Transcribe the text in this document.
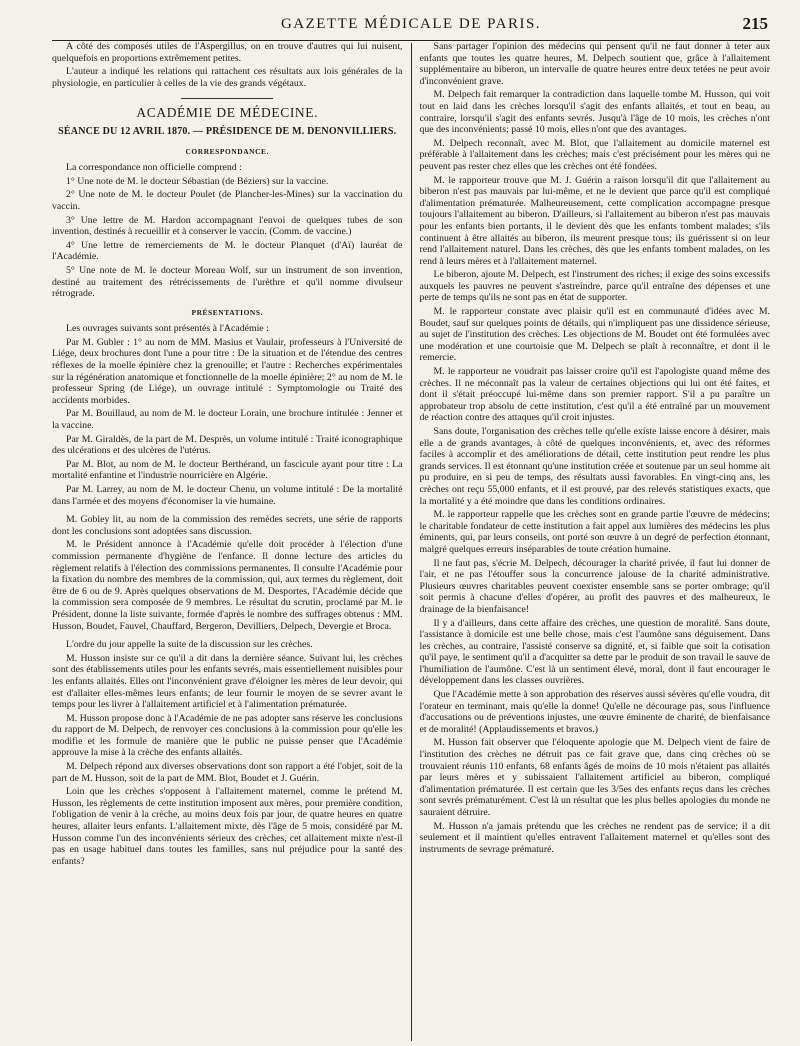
GAZETTE MÉDICALE DE PARIS.	215

A côté des composés utiles de l'Aspergillus, on en trouve d'autres qui lui nuisent, quelquefois en proportions extrêmement petites.

L'auteur a indiqué les relations qui rattachent ces résultats aux lois générales de la physiologie, en particulier à celles de la vie des grands végétaux.

ACADÉMIE DE MÉDECINE.
SÉANCE DU 12 AVRIL 1870. — PRÉSIDENCE DE M. DENONVILLIERS.
CORRESPONDANCE.

La correspondance non officielle comprend :

1° Une note de M. le docteur Sébastian (de Béziers) sur la vaccine.

2° Une note de M. le docteur Poulet (de Plancher-les-Mines) sur la vaccination du vaccin.

3° Une lettre de M. Hardon accompagnant l'envoi de quelques tubes de son invention, destinés à recueillir et à conserver le vaccin. (Comm. de vaccine.)

4° Une lettre de remerciements de M. le docteur Planquet (d'Aï) lauréat de l'Académie.

5° Une note de M. le docteur Moreau Wolf, sur un instrument de son invention, destiné au traitement des rétrécissements de l'urèthre et qu'il nomme divulseur rétrograde.

PRÉSENTATIONS.

Les ouvrages suivants sont présentés à l'Académie :

Par M. Gubler : 1° au nom de MM. Masius et Vaulair, professeurs à l'Université de Liége, deux brochures dont l'une a pour titre : De la situation et de l'étendue des centres réflexes de la moelle épinière chez la grenouille; et l'autre : Recherches expérimentales sur la régénération anatomique et fonctionnelle de la moelle épinière; 2° au nom de M. le professeur Spring (de Liége), un ouvrage intitulé : Symptomologie ou Traité des accidents morbides.

Par M. Bouillaud, au nom de M. le docteur Lorain, une brochure intitulée : Jenner et la vaccine.

Par M. Giraldès, de la part de M. Desprès, un volume intitulé : Traité iconographique des ulcérations et des ulcères de l'utérus.

Par M. Blot, au nom de M. le docteur Berthérand, un fascicule ayant pour titre : La mortalité enfantine et l'industrie nourricière en Algérie.

Par M. Larrey, au nom de M. le docteur Chenu, un volume intitulé : De la mortalité dans l'armée et des moyens d'économiser la vie humaine.

M. Gobley lit, au nom de la commission des remèdes secrets, une série de rapports dont les conclusions sont adoptées sans discussion.

M. le Président annonce à l'Académie qu'elle doit procéder à l'élection d'une commission permanente d'hygiène de l'enfance. Il donne lecture des articles du règlement relatifs à l'élection des commissions permanentes. Il consulte l'Académie pour la fixation du nombre des membres de la commission, qui, aux termes du règlement, doit être de 6 ou de 9. Après quelques observations de M. Desportes, l'Académie décide que la commission sera composée de 9 membres. Le résultat du scrutin, proclamé par M. le Président, donne la liste suivante, formée d'après le nombre des suffrages obtenus : MM. Husson, Boudet, Fauvel, Chauffard, Bergeron, Devilliers, Delpech, Devergie et Broca.

L'ordre du jour appelle la suite de la discussion sur les crèches.

M. Husson insiste sur ce qu'il a dit dans la dernière séance. Suivant lui, les crèches sont des établissements utiles pour les enfants sevrés, mais essentiellement nuisibles pour les enfants allaités. Elles ont l'inconvénient grave d'éloigner les mères de leur devoir, qui est d'allaiter elles-mêmes leurs enfants; de leur fournir le moyen de se sevrer avant le temps pour les livrer à l'allaitement artificiel et à l'alimentation prématurée.

M. Husson propose donc à l'Académie de ne pas adopter sans réserve les conclusions du rapport de M. Delpech, de renvoyer ces conclusions à la commission pour qu'elle les modifie et les formule de manière que le public ne puisse penser que l'Académie approuve la mise à la crèche des enfants allaités.

M. Delpech répond aux diverses observations dont son rapport a été l'objet, soit de la part de M. Husson, soit de la part de MM. Blot, Boudet et J. Guérin.

Loin que les crèches s'opposent à l'allaitement maternel, comme le prétend M. Husson, les règlements de cette institution imposent aux mères, pour première condition, l'obligation de venir à la crèche, au moins deux fois par jour, de quatre heures en quatre heures, allaiter leurs enfants. L'allaitement mixte, dès l'âge de 5 mois, considéré par M. Husson comme l'un des inconvénients sérieux des crèches, cet allaitement mixte n'est-il pas en usage habituel dans toutes les familles, sans nul préjudice pour la santé des enfants?

Sans partager l'opinion des médecins qui pensent qu'il ne faut donner à teter aux enfants que toutes les quatre heures, M. Delpech soutient que, grâce à l'allaitement supplémentaire au biberon, un intervalle de quatre heures entre deux tetées ne peut avoir d'inconvénient grave.

M. Delpech fait remarquer la contradiction dans laquelle tombe M. Husson, qui voit tout en laid dans les crèches lorsqu'il s'agit des enfants allaités, et tout en beau, au contraire, lorsqu'il s'agit des enfants sevrés. Jusqu'à l'âge de 10 mois, les crèches n'ont que des inconvénients; passé 10 mois, elles n'ont que des avantages.

M. Delpech reconnaît, avec M. Blot, que l'allaitement au domicile maternel est préférable à l'allaitement dans les crèches; mais c'est précisément pour les mères qui ne peuvent pas rester chez elles que les crèches ont été fondées.

M. le rapporteur trouve que M. J. Guérin a raison lorsqu'il dit que l'allaitement au biberon n'est pas mauvais par lui-même, et ne le devient que parce qu'il est compliqué d'alimentation prématurée. Malheureusement, cette complication accompagne presque toujours l'allaitement au biberon. D'ailleurs, si l'allaitement au biberon n'est pas mauvais pour les enfants bien portants, il le devient dès que les enfants tombent malades; s'ils continuent à être allaités au biberon, ils meurent presque tous; ils guérissent si on leur rend l'allaitement naturel. Dans les crèches, dès que les enfants tombent malades, on les rend à leurs mères et à l'allaitement maternel.

Le biberon, ajoute M. Delpech, est l'instrument des riches; il exige des soins excessifs auxquels les pauvres ne peuvent s'astreindre, parce qu'il entraîne des dépenses et une perte de temps qu'ils ne sont pas en état de supporter.

M. le rapporteur constate avec plaisir qu'il est en communauté d'idées avec M. Boudet, sauf sur quelques points de détails, qui n'impliquent pas une dissidence sérieuse, au sujet de l'institution des crèches. Les objections de M. Boudet ont été formulées avec une modération et une courtoisie que M. Delpech se plaît à reconnaître, et dont il le remercie.

M. le rapporteur ne voudrait pas laisser croire qu'il est l'apologiste quand même des crèches. Il ne méconnaît pas la valeur de certaines objections qui lui ont été faites, et dont il s'était préoccupé lui-même dans son premier rapport. S'il a pu paraître un approbateur trop absolu de cette institution, c'est qu'il a été entraîné par un mouvement de réaction contre des attaques qu'il croit injustes.

Sans doute, l'organisation des crèches telle qu'elle existe laisse encore à désirer, mais elle a de grands avantages, à côté de quelques inconvénients, et, avec des réformes faciles à accomplir et des améliorations de détail, cette institution peut rendre les plus grands services. Il est étonnant qu'une institution créée et soutenue par un seul homme ait pu produire, en si peu de temps, des résultats aussi favorables. En vingt-cinq ans, les crèches ont reçu 55,000 enfants, et il est prouvé, par des relevés statistiques exacts, que la mortalité y a été moindre que dans les conditions ordinaires.

M. le rapporteur rappelle que les crèches sont en grande partie l'œuvre de médecins; le charitable fondateur de cette institution a fait appel aux lumières des médecins les plus éminents, qui, par leurs conseils, ont porté son œuvre à un degré de perfection étonnant, malgré quelques erreurs inséparables de toute création humaine.

Il ne faut pas, s'écrie M. Delpech, décourager la charité privée, il faut lui donner de l'air, et ne pas l'étouffer sous la concurrence jalouse de la charité administrative. Plusieurs œuvres charitables peuvent coexister ensemble sans se porter ombrage; qu'il soit permis à chacune d'elles d'opérer, au profit des pauvres et des malheureux, le drainage de la bienfaisance!

Il y a d'ailleurs, dans cette affaire des crèches, une question de moralité. Sans doute, l'assistance à domicile est une belle chose, mais c'est l'aumône sans déguisement. Dans les crèches, au contraire, l'assisté conserve sa dignité, et, si faible que soit la cotisation qu'il paye, le sentiment qu'il a d'acquitter sa dette par le produit de son travail le sauve de l'humiliation de l'aumône. C'est là un sentiment élevé, moral, dont il faut encourager le développement dans les classes ouvrières.

Que l'Académie mette à son approbation des réserves aussi sévères qu'elle voudra, dit l'orateur en terminant, mais qu'elle la donne! Qu'elle ne décourage pas, sous l'influence d'accusations ou de préventions injustes, une œuvre éminente de charité, de bienfaisance et de moralité! (Applaudissements et bravos.)

M. Husson fait observer que l'éloquente apologie que M. Delpech vient de faire de l'institution des crèches ne détruit pas ce fait grave que, dans cinq crèches où se trouvaient réunis 110 enfants, 68 enfants âgés de moins de 10 mois n'étaient pas allaités par leurs mères et y subissaient l'allaitement artificiel au biberon, compliqué d'alimentation prématurée. Il est certain que les 3/5es des enfants reçus dans les crèches sont sevrés prématurément. C'est là un résultat que les plus belles apologies du monde ne sauraient détruire.

M. Husson n'a jamais prétendu que les crèches ne rendent pas de service; il a dit seulement et il maintient qu'elles entravent l'allaitement maternel et qu'elles sont des instruments de sevrage prématuré.
